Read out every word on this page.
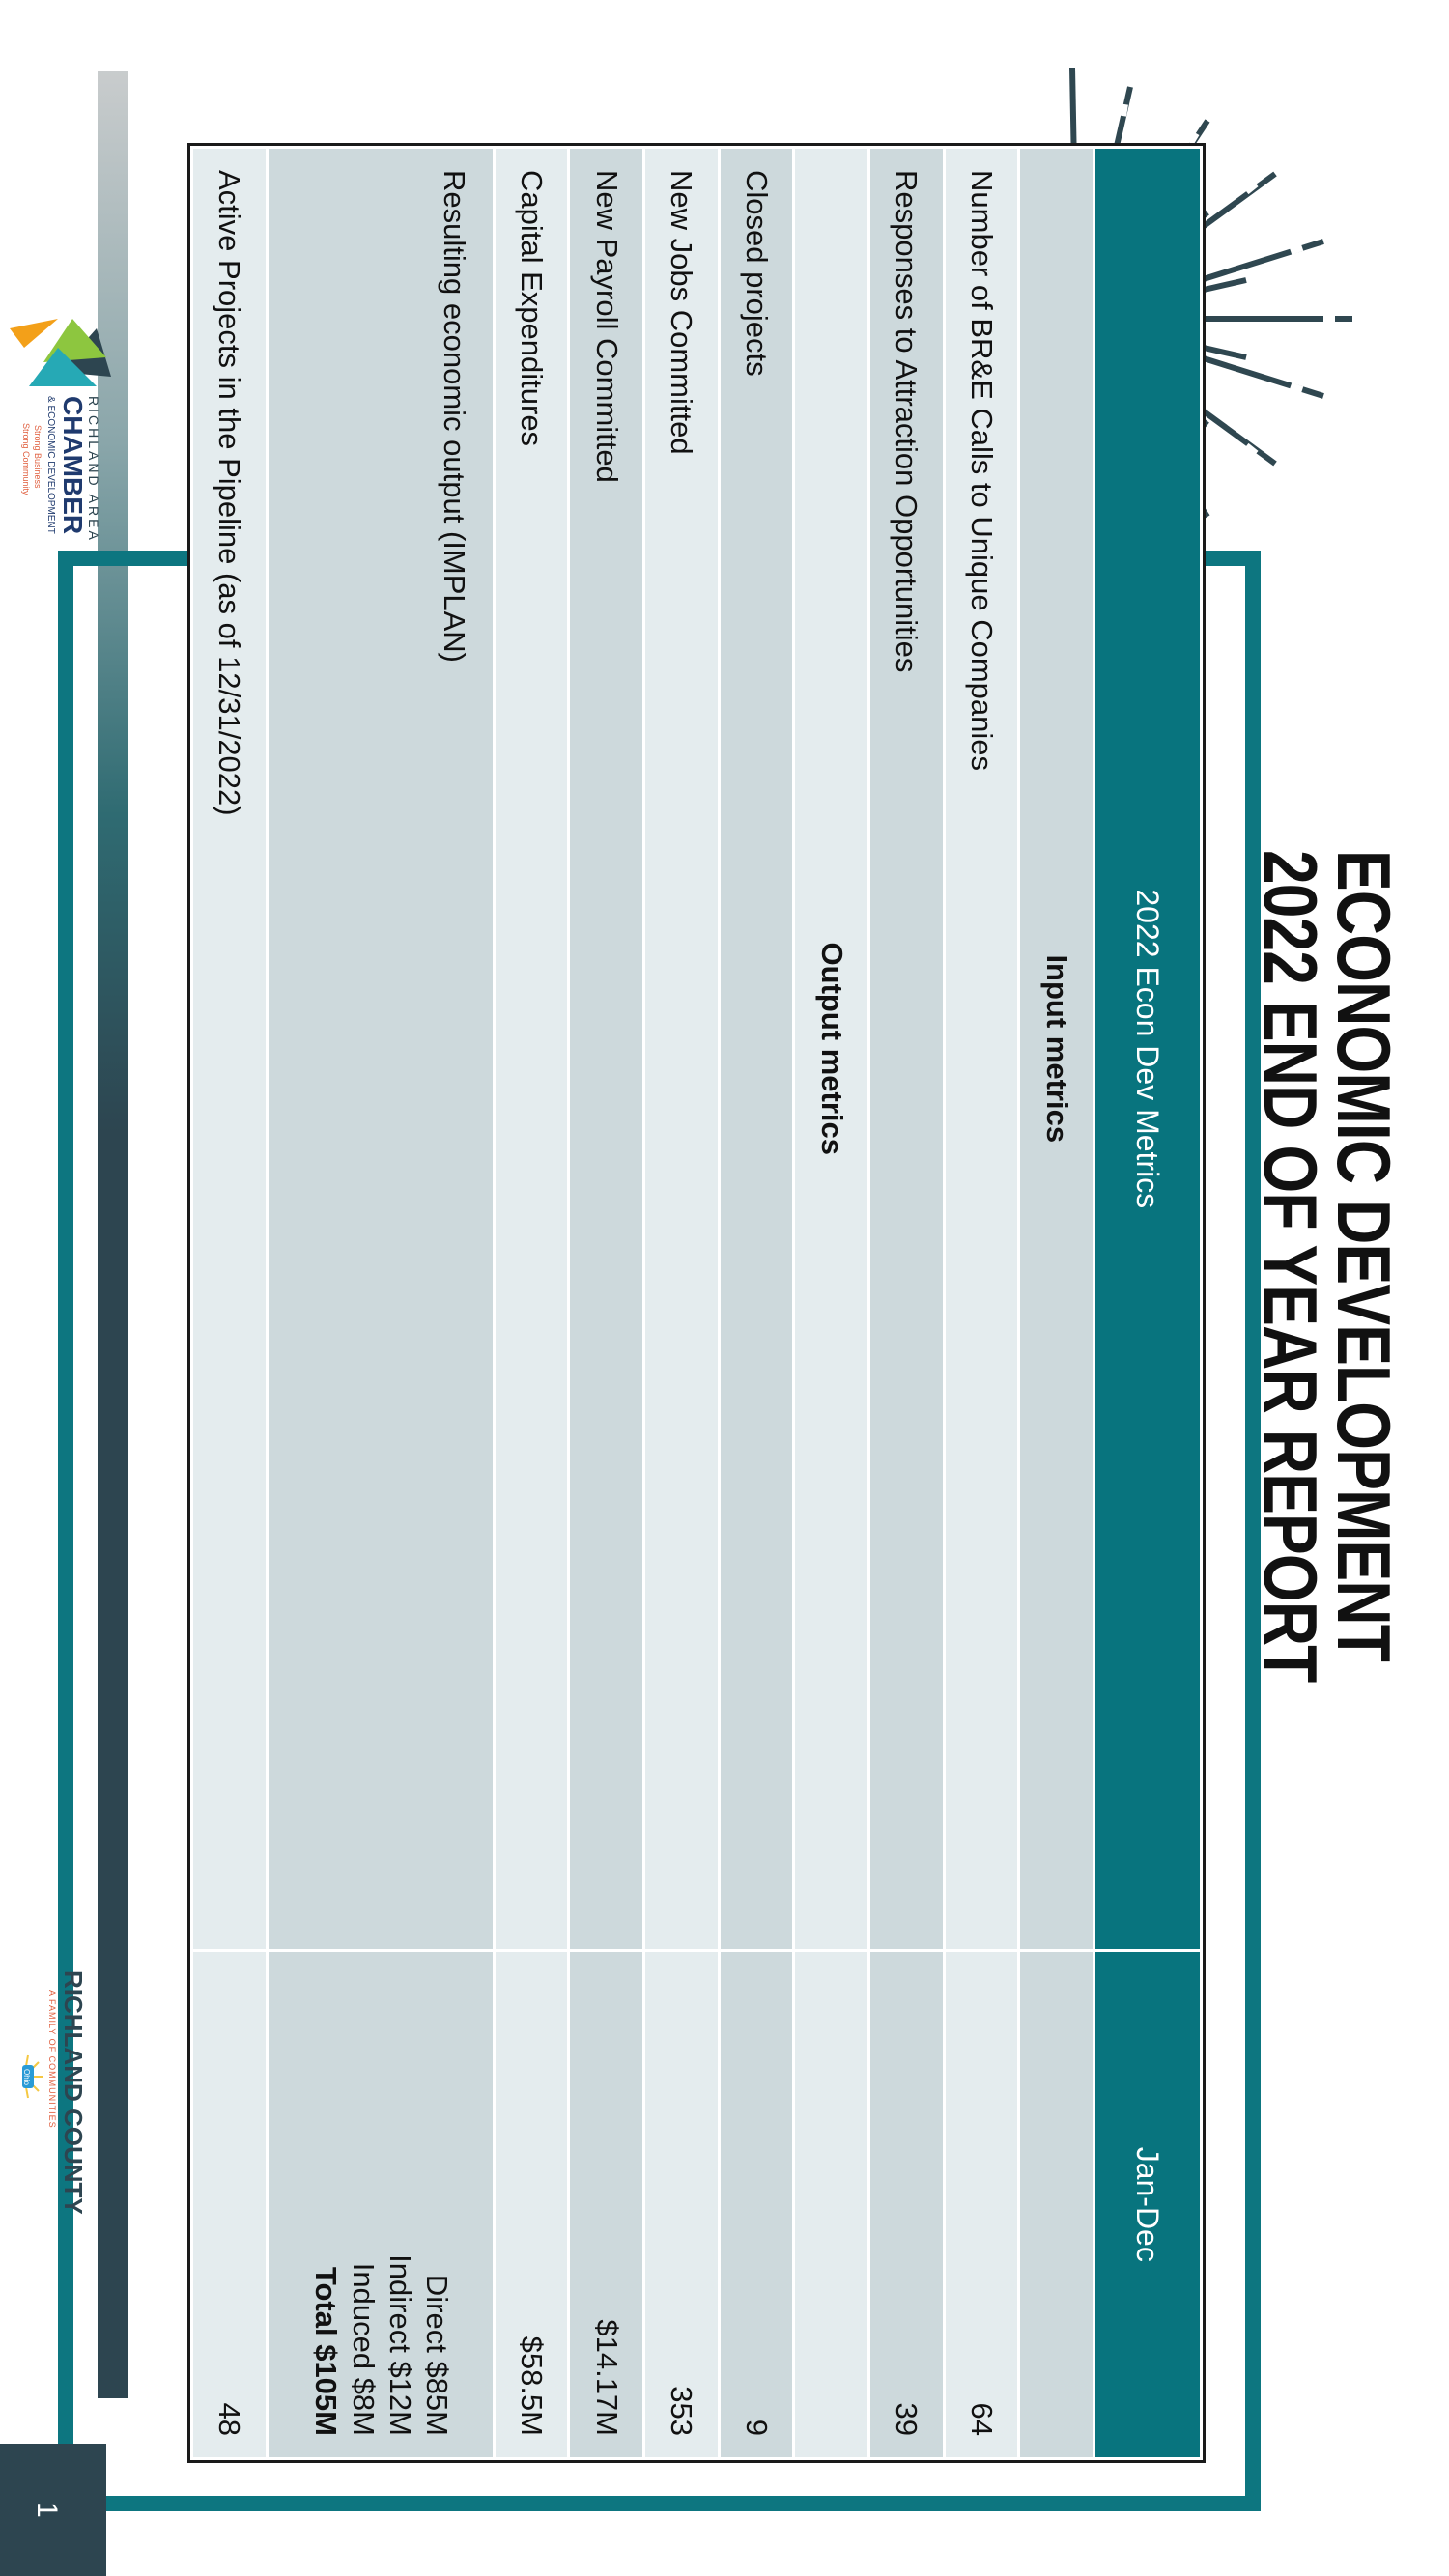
ECONOMIC DEVELOPMENT
2022 END OF YEAR REPORT
2022 Econ Dev Metrics	Jan-Dec
Input metrics	
Number of BR&E Calls to Unique Companies	64
Responses to Attraction Opportunities	39
Output metrics	
Closed projects	9
New Jobs Committed	353
New Payroll Committed	$14.17M
Capital Expenditures	$58.5M
Resulting economic output (IMPLAN)	Direct $85M
Indirect $12M
Induced $8M
Total $105M

Active Projects in the Pipeline (as of 12/31/2022)	48
RICHLAND AREA
CHAMBER
& ECONOMIC DEVELOPMENT
Strong Business
Strong Community
RICHLAND COUNTY
A FAMILY OF COMMUNITIES
Ohio
1
